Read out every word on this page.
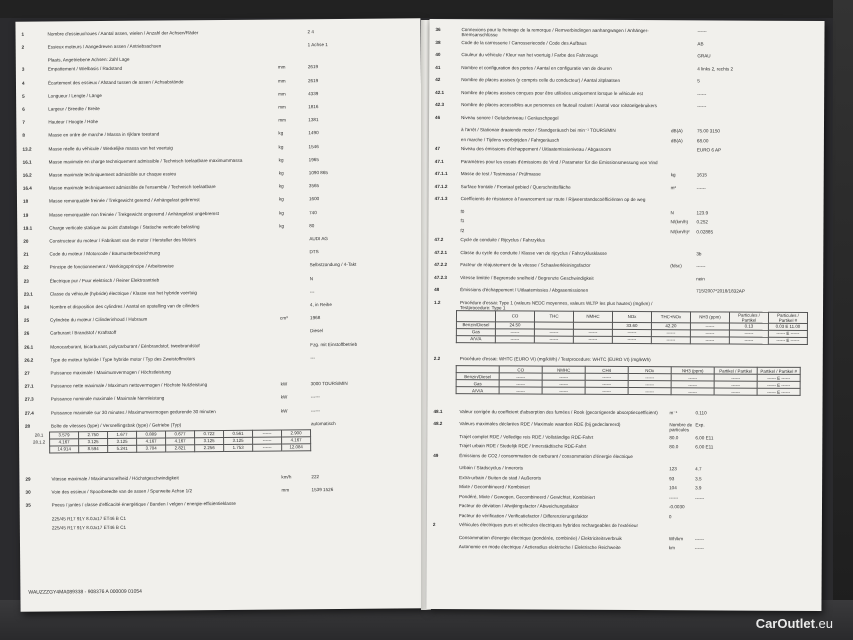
1	Nombre d'essieux/roues / Aantal assen, wielen / Anzahl der Achsen/Räder	2 4
2	Essieux moteurs / Aangedreven assen / Antriebsachsen	1 Achse 1
Plaats, Angetriebene Achsen: Zahl Lage
3	Empattement / Wielbasis / Radstand	mm	2619
4	Écartement des essieux / Afstand tussen de assen / Achsabstände	mm	2619
5	Longueur / Lengte / Länge	mm	4339
6	Largeur / Breedte / Breite	mm	1816
7	Hauteur / Hoogte / Höhe	mm	1381
8	Masse en ordre de marche / Massa in rijklare toestand	kg	1490
13.2	Masse réelle du véhicule / Werkelijke massa van het voertuig	kg	1546
16.1	Masse maximale en charge techniquement admissible / Technisch toelaatbare maximummassa	kg	1965
16.2	Masse maximale techniquement admissible sur chaque essieu	kg	1090 865
16.4	Masse maximale techniquement admissible de l'ensemble / Technisch toelaatbare	kg	3565
18	Masse remorquable freinée / Trekgewicht geremd / Anhängelast gebremst	kg	1600
19	Masse remorquable non freinée / Trekgewicht ongeremd / Anhängelast ungebremst	kg	740
19.1	Charge verticale statique au point d'attelage / Statische verticale belasting	kg	80
20	Constructeur du moteur / Fabrikant van de motor / Hersteller des Motors	AUDI AG
21	Code du moteur / Motorcode / Baumusterbezeichnung	DTS
22	Principe de fonctionnement / Werkingsprincipe / Arbeitsweise	Selbstzündung / 4-Takt
23	Électrique pur / Puur elektrisch / Reiner Elektroantrieb	N
23.1	Classe du véhicule (hybride) électrique / Klasse van het hybride voertuig	---
24	Nombre et disposition des cylindres / Aantal en opstelling van de cilinders	4, in Reihe
25	Cylindrée du moteur / Cilinderinhoud / Hubraum	cm³	1968
26	Carburant / Brandstof / Kraftstoff	Diesel
26.1	Monocarburant, bicarburant, polycarburant / Eénbrandstof, tweebrandstof	Fzg. mit Einstoffbetrieb
26.2	Type de moteur hybride / Type hybride motor / Typ des Zweistoffmotors	---
27	Puissance maximale / Maximumvermogen / Höchstleistung
27.1	Puissance nette maximale / Maximum nettovermogen / Höchste Nutzleistung	kW	3000 TOURS/MIN
27.3	Puissance nominale maximale / Maximale Nennleistung	kW	------
27.4	Puissance maximale sur 30 minutes / Maximumvermogen gedurende 30 minuten	kW	------
28	Boîte de vitesses (type) / Versnellingsbak (type) / Getriebe (Typ)	automatisch
29	Vitesse maximale / Maximumsnelheid / Höchstgeschwindigkeit	km/h	222
30	Voie des essieux / Spoorbreedte van de assen / Spurweite Achse 1/2	mm	1539 1526
35	Pneus / jantes / classe d'efficacité énergétique / Banden / velgen / energie-efficiëntieklasse
225/45 R17 91Y 8.0Jx17 ET46 B C1
225/45 R17 91Y 8.0Jx17 ET46 B C1
28.1	3.579	2.750	1.677	0.889	0.677	0.722	0.561	------	2.900
28.1.2	4.167	3.125	3.125	4.167	4.167	3.125	3.125	------	4.167
	14.914	8.594	5.241	3.704	2.821	2.256	1.753	------	12.084
WAUZZZGY4MA089338 - 908376 A 000009 01054
36	Connexions pour le freinage de la remorque / Remverbindingen aanhangwagen / Anhänger-Bremsanschlüsse
------
38	Code de la carrosserie / Carrosseriecode / Code des Aufbaus	AB
40	Couleur du véhicule / Kleur van het voertuig / Farbe des Fahrzeugs	GRAU
41	Nombre et configuration des portes / Aantal en configuratie van de deuren	4 links 2, rechts 2
42	Nombre de places assises (y compris celle du conducteur) / Aantal zitplaatsen	5
42.1	Nombre de places assises conçues pour être utilisées uniquement lorsque le véhicule est	------
42.3	Nombre de places accessibles aux personnes en fauteuil roulant / Aantal voor rolstoelgebruikers	------
46	Niveau sonore / Geluidsniveau / Geräuschpegel
à l'arrêt / Stationair draaiende motor / Standgeräusch bei min⁻¹ TOURS/MIN	dB(A)	75.00 3150
en marche / Tijdens voorbijrijden / Fahrgeräusch	dB(A)	68.00
47	Niveau des émissions d'échappement / Uitlaatemissieniveau / Abgasnorm	EURO 6 AP
47.1	Paramètres pour les essais d'émissions de Vind / Parameter für die Emissionsmessung von Vind
47.1.1	Masse de test / Testmassa / Prüfmasse	kg	1615
47.1.2	Surface frontale / Frontaal gebied / Querschnittsfläche	m²	------
47.1.3	Coefficients de résistance à l'avancement sur route / Rijweerstandscoëfficiënten op de weg
f0	N	123.9
f1	N/(km/h)	0.252
f2	N/(km/h)²	0.02885
47.2	Cycle de conduite / Rijcyclus / Fahrzyklus
47.2.1	Classe du cycle de conduite / Klasse van de rijcyclus / Fahrzyklusklasse	3b
47.2.2	Facteur de réajustement de la vitesse / Schaalverkleiningsfactor	(fdsc)	------
47.2.3	Vitesse limitée / Begrensde snelheid / Begrenzte Geschwindigkeit	nein
48	Émissions d'échappement / Uitlaatemissies / Abgasemissionen	715/2007*2018/1832AP
1.2	Procédure d'essai: Type 1 (valeurs NEDC moyennes, valeurs WLTP les plus hautes) (mg/km) / Testprocedure: Type 1
2.2	Procédure d'essai: WHTC (EURO VI) (mg/kWh) / Testprocedure: WHTC (EURO VI) (mg/kWh)
48.1	Valeur corrigée du coefficient d'absorption des fumées / Rook (gecorrigeerde absorptiecoëfficiënt)	m⁻¹	0.110
48.2	Valeurs maximales déclarées RDE / Maximale waarden RDE (bij gedeclareerd)	Nombre de particules
Exp.
Trajet complet RDE / Volledige reis RDE / Vollständige RDE-Fahrt	80.0	6.00 E11
Trajet urbain RDE / Stedelijk RDE / Innerstädtische RDE-Fahrt	80.0	6.00 E11
49	Émissions de CO2 / consommation de carburant / consommation d'énergie électrique
Urbain / Stadscyclus / Innerorts	123	4.7
Extra-urbain / Buiten de stad / Außerorts	93	3.5
Mixte / Gecombineerd / Kombiniert	104	3.9
Pondéré, Mixte / Gewogen, Gecombineerd / Gewichtet, Kombiniert	------	------
Facteur de déviation / Afwijkingsfactor / Abweichungsfaktor	-0.0030
Facteur de vérification / Verificatiefactor / Differenzierungsfaktor	0
2	Véhicules électriques purs et véhicules électriques hybrides rechargeables de l'extérieur
Consommation d'énergie électrique (pondérée, combinée) / Elektriciteitsverbruik	Wh/km	------
Autonomie en mode électrique / Actieradius elektrische / Elektrische Reichweite	km	------
	CO	THC	NMHC	NOx	THC+NOx	NH3 (ppm)	Particules / Partikel	Particules / Partikel #
Benzin/Diesel	24.50			33.60	42.20	------	0.13	0.03 E 11.00
Gas	------	------	------	------	------	------	------	------ E ------
A/V/A	------	------	------	------	------	------	------	------ E ------
	CO	NMHC	CH4	NOx	NH3 (ppm)	Partikel / Partikel	Partikel / Partikel #
Benzin/Diesel	------	------	------	------	------	------	------ E ------
Gas	------	------	------	------	------	------	------ E ------
A/V/A	------	------	------	------	------	------	------ E ------
CarOutlet.eu
